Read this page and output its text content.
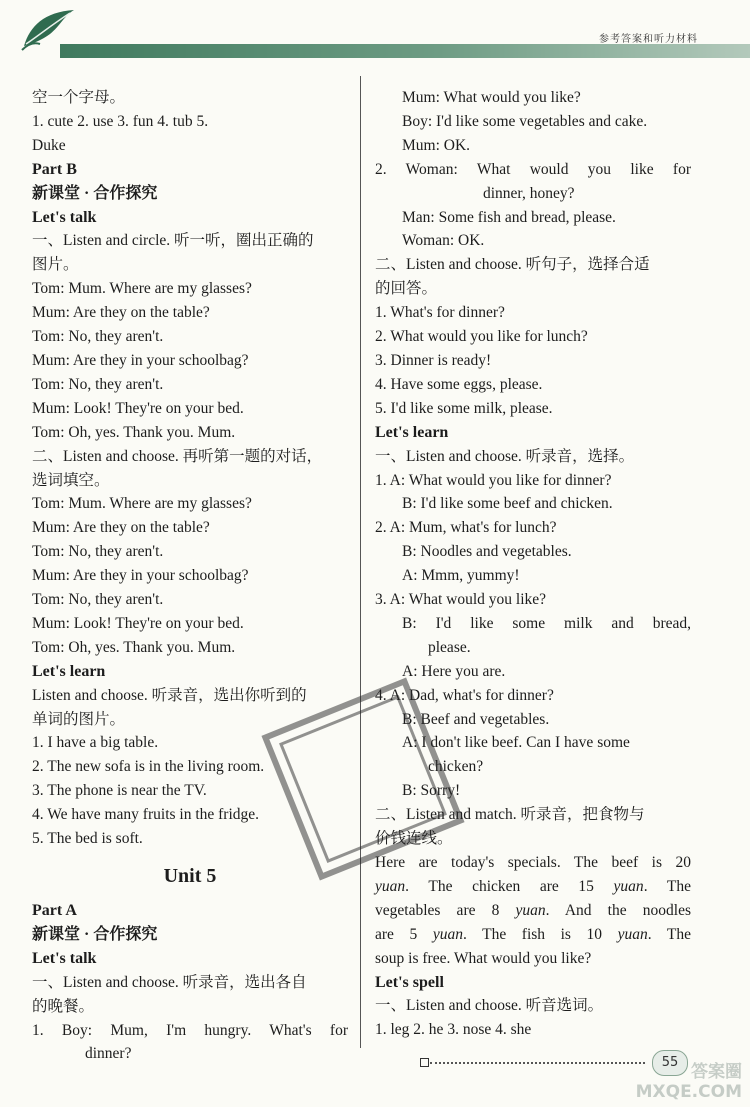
参考答案和听力材料
空一个字母。
1. cute 2. use 3. fun 4. tub 5.
Duke
Part B
新课堂 · 合作探究
Let's talk
一、Listen and circle. 听一听，圈出正确的
图片。
Tom: Mum. Where are my glasses?
Mum: Are they on the table?
Tom: No, they aren't.
Mum: Are they in your schoolbag?
Tom: No, they aren't.
Mum: Look! They're on your bed.
Tom: Oh, yes. Thank you. Mum.
二、Listen and choose. 再听第一题的对话，
选词填空。
Tom: Mum. Where are my glasses?
Mum: Are they on the table?
Tom: No, they aren't.
Mum: Are they in your schoolbag?
Tom: No, they aren't.
Mum: Look! They're on your bed.
Tom: Oh, yes. Thank you. Mum.
Let's learn
Listen and choose. 听录音，选出你听到的
单词的图片。
1. I have a big table.
2. The new sofa is in the living room.
3. The phone is near the TV.
4. We have many fruits in the fridge.
5. The bed is soft.
Unit 5
Part A
新课堂 · 合作探究
Let's talk
一、Listen and choose. 听录音，选出各自
的晚餐。
1. Boy: Mum, I'm hungry. What's for
dinner?
Mum: What would you like?
Boy: I'd like some vegetables and cake.
Mum: OK.
2. Woman: What would you like for
dinner, honey?
Man: Some fish and bread, please.
Woman: OK.
二、Listen and choose. 听句子，选择合适
的回答。
1. What's for dinner?
2. What would you like for lunch?
3. Dinner is ready!
4. Have some eggs, please.
5. I'd like some milk, please.
Let's learn
一、Listen and choose. 听录音，选择。
1. A: What would you like for dinner?
B: I'd like some beef and chicken.
2. A: Mum, what's for lunch?
B: Noodles and vegetables.
A: Mmm, yummy!
3. A: What would you like?
B: I'd like some milk and bread,
please.
A: Here you are.
4. A: Dad, what's for dinner?
B: Beef and vegetables.
A: I don't like beef. Can I have some
chicken?
B: Sorry!
二、Listen and match. 听录音，把食物与
价钱连线。
Here are today's specials. The beef is 20
yuan. The chicken are 15 yuan. The
vegetables are 8 yuan. And the noodles
are 5 yuan. The fish is 10 yuan. The
soup is free. What would you like?
Let's spell
一、Listen and choose. 听音选词。
1. leg 2. he 3. nose 4. she
55 答案圈
MXQE.COM
